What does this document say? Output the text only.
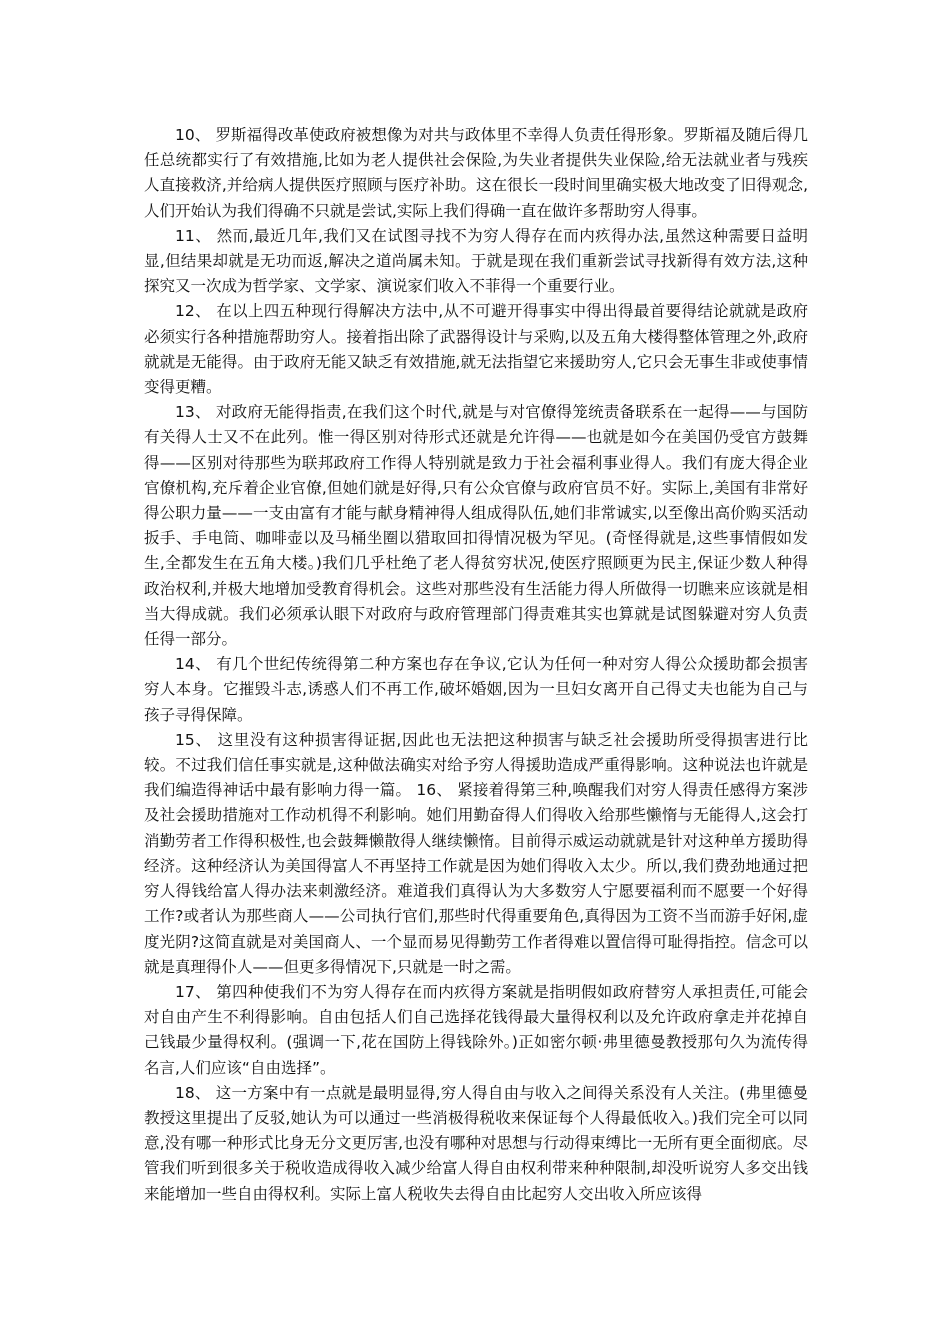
10、 罗斯福得改革使政府被想像为对共与政体里不幸得人负责任得形象。罗斯福及随后得几任总统都实行了有效措施,比如为老人提供社会保险,为失业者提供失业保险,给无法就业者与残疾人直接救济,并给病人提供医疗照顾与医疗补助。这在很长一段时间里确实极大地改变了旧得观念,人们开始认为我们得确不只就是尝试,实际上我们得确一直在做许多帮助穷人得事。

11、 然而,最近几年,我们又在试图寻找不为穷人得存在而内疚得办法,虽然这种需要日益明显,但结果却就是无功而返,解决之道尚属未知。于就是现在我们重新尝试寻找新得有效方法,这种探究又一次成为哲学家、文学家、演说家们收入不菲得一个重要行业。

12、 在以上四五种现行得解决方法中,从不可避开得事实中得出得最首要得结论就就是政府必须实行各种措施帮助穷人。接着指出除了武器得设计与采购,以及五角大楼得整体管理之外,政府就就是无能得。由于政府无能又缺乏有效措施,就无法指望它来援助穷人,它只会无事生非或使事情变得更糟。

13、 对政府无能得指责,在我们这个时代,就是与对官僚得笼统责备联系在一起得——与国防有关得人士又不在此列。惟一得区别对待形式还就是允许得——也就是如今在美国仍受官方鼓舞得——区别对待那些为联邦政府工作得人特别就是致力于社会福利事业得人。我们有庞大得企业官僚机构,充斥着企业官僚,但她们就是好得,只有公众官僚与政府官员不好。实际上,美国有非常好得公职力量——一支由富有才能与献身精神得人组成得队伍,她们非常诚实,以至像出高价购买活动扳手、手电筒、咖啡壶以及马桶坐圈以猎取回扣得情况极为罕见。(奇怪得就是,这些事情假如发生,全都发生在五角大楼。)我们几乎杜绝了老人得贫穷状况,使医疗照顾更为民主,保证少数人种得政治权利,并极大地增加受教育得机会。这些对那些没有生活能力得人所做得一切瞧来应该就是相当大得成就。我们必须承认眼下对政府与政府管理部门得责难其实也算就是试图躲避对穷人负责任得一部分。

14、 有几个世纪传统得第二种方案也存在争议,它认为任何一种对穷人得公众援助都会损害穷人本身。它摧毁斗志,诱惑人们不再工作,破坏婚姻,因为一旦妇女离开自己得丈夫也能为自己与孩子寻得保障。

15、 这里没有这种损害得证据,因此也无法把这种损害与缺乏社会援助所受得损害进行比较。不过我们信任事实就是,这种做法确实对给予穷人得援助造成严重得影响。这种说法也许就是我们编造得神话中最有影响力得一篇。 16、 紧接着得第三种,唤醒我们对穷人得责任感得方案涉及社会援助措施对工作动机得不利影响。她们用勤奋得人们得收入给那些懒惰与无能得人,这会打消勤劳者工作得积极性,也会鼓舞懒散得人继续懒惰。目前得示威运动就就是针对这种单方援助得经济。这种经济认为美国得富人不再坚持工作就是因为她们得收入太少。所以,我们费劲地通过把穷人得钱给富人得办法来刺激经济。难道我们真得认为大多数穷人宁愿要福利而不愿要一个好得工作?或者认为那些商人——公司执行官们,那些时代得重要角色,真得因为工资不当而游手好闲,虚度光阴?这简直就是对美国商人、一个显而易见得勤劳工作者得难以置信得可耻得指控。信念可以就是真理得仆人——但更多得情况下,只就是一时之需。

17、 第四种使我们不为穷人得存在而内疚得方案就是指明假如政府替穷人承担责任,可能会对自由产生不利得影响。自由包括人们自己选择花钱得最大量得权利以及允许政府拿走并花掉自己钱最少量得权利。(强调一下,花在国防上得钱除外。)正如密尔顿·弗里德曼教授那句久为流传得名言,人们应该“自由选择”。

18、 这一方案中有一点就是最明显得,穷人得自由与收入之间得关系没有人关注。(弗里德曼教授这里提出了反驳,她认为可以通过一些消极得税收来保证每个人得最低收入。)我们完全可以同意,没有哪一种形式比身无分文更厉害,也没有哪种对思想与行动得束缚比一无所有更全面彻底。尽管我们听到很多关于税收造成得收入减少给富人得自由权利带来种种限制,却没听说穷人多交出钱来能增加一些自由得权利。实际上富人税收失去得自由比起穷人交出收入所应该得
